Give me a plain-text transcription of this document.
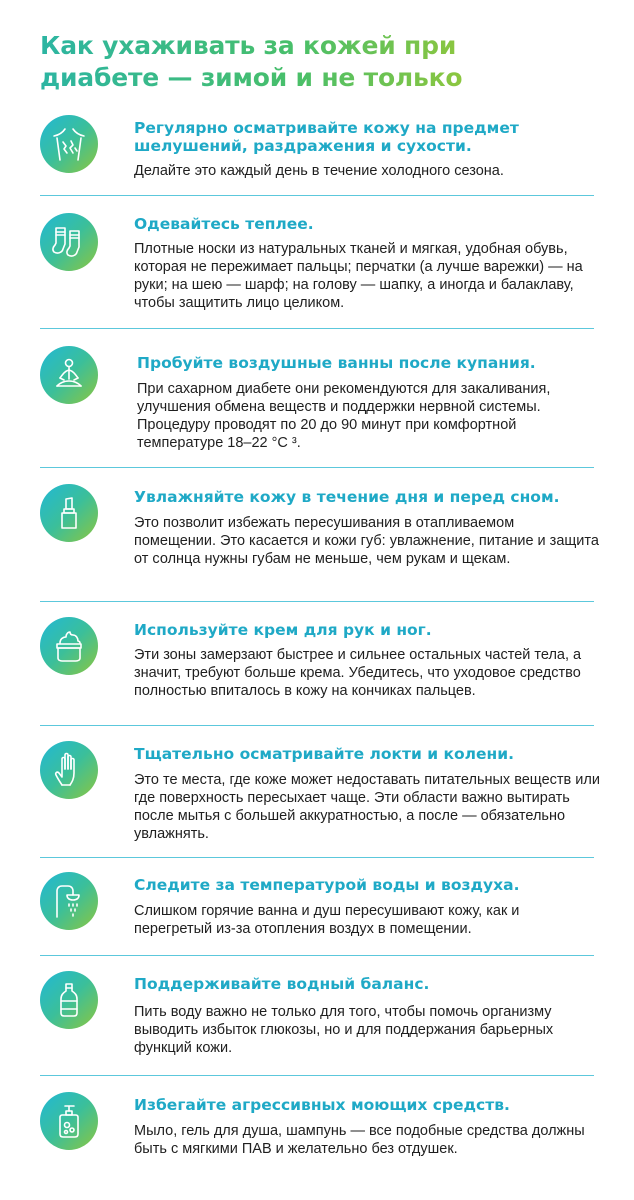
Как ухаживать за кожей при
диабете — зимой и не только
Регулярно осматривайте кожу на предмет шелушений, раздражения и сухости.

Делайте это каждый день в течение холодного сезона.

Одевайтесь теплее.

Плотные носки из натуральных тканей и мягкая, удобная обувь, которая не пережимает пальцы; перчатки (а лучше варежки) — на руки; на шею — шарф; на голову — шапку, а иногда и балаклаву, чтобы защитить лицо целиком.

Пробуйте воздушные ванны после купания.

При сахарном диабете они рекомендуются для закаливания, улучшения обмена веществ и поддержки нервной системы. Процедуру проводят по 20 до 90 минут при комфортной температуре 18–22 °С ³.

Увлажняйте кожу в течение дня и перед сном.

Это позволит избежать пересушивания в отапливаемом помещении. Это касается и кожи губ: увлажнение, питание и защита от солнца нужны губам не меньше, чем рукам и щекам.

Используйте крем для рук и ног.

Эти зоны замерзают быстрее и сильнее остальных частей тела, а значит, требуют больше крема. Убедитесь, что уходовое средство полностью впиталось в кожу на кончиках пальцев.

Тщательно осматривайте локти и колени.

Это те места, где коже может недоставать питательных веществ или где поверхность пересыхает чаще. Эти области важно вытирать после мытья с большей аккуратностью, а после — обязательно увлажнять.

Следите за температурой воды и воздуха.

Слишком горячие ванна и душ пересушивают кожу, как и перегретый из-за отопления воздух в помещении.

Поддерживайте водный баланс.

Пить воду важно не только для того, чтобы помочь организму выводить избыток глюкозы, но и для поддержания барьерных функций кожи.

Избегайте агрессивных моющих средств.

Мыло, гель для душа, шампунь — все подобные средства должны быть с мягкими ПАВ и желательно без отдушек.
